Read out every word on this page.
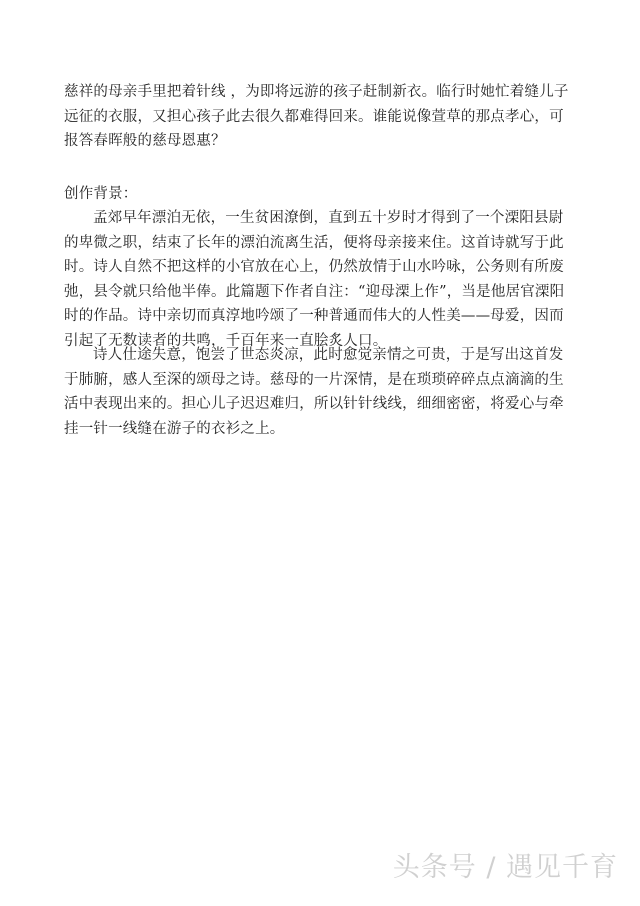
慈祥的母亲手里把着针线 ，为即将远游的孩子赶制新衣。临行时她忙着缝儿子远征的衣服，又担心孩子此去很久都难得回来。谁能说像萱草的那点孝心，可报答春晖般的慈母恩惠？
创作背景：

孟郊早年漂泊无依，一生贫困潦倒，直到五十岁时才得到了一个溧阳县尉的卑微之职，结束了长年的漂泊流离生活，便将母亲接来住。这首诗就写于此时。诗人自然不把这样的小官放在心上，仍然放情于山水吟咏，公务则有所废弛，县令就只给他半俸。此篇题下作者自注：“迎母溧上作”，当是他居官溧阳时的作品。诗中亲切而真淳地吟颂了一种普通而伟大的人性美——母爱，因而引起了无数读者的共鸣，千百年来一直脍炙人口。

诗人仕途失意，饱尝了世态炎凉，此时愈觉亲情之可贵，于是写出这首发于肺腑，感人至深的颂母之诗。慈母的一片深情，是在琐琐碎碎点点滴滴的生活中表现出来的。担心儿子迟迟难归，所以针针线线，细细密密，将爱心与牵挂一针一线缝在游子的衣衫之上。

头条号 / 遇见千育
